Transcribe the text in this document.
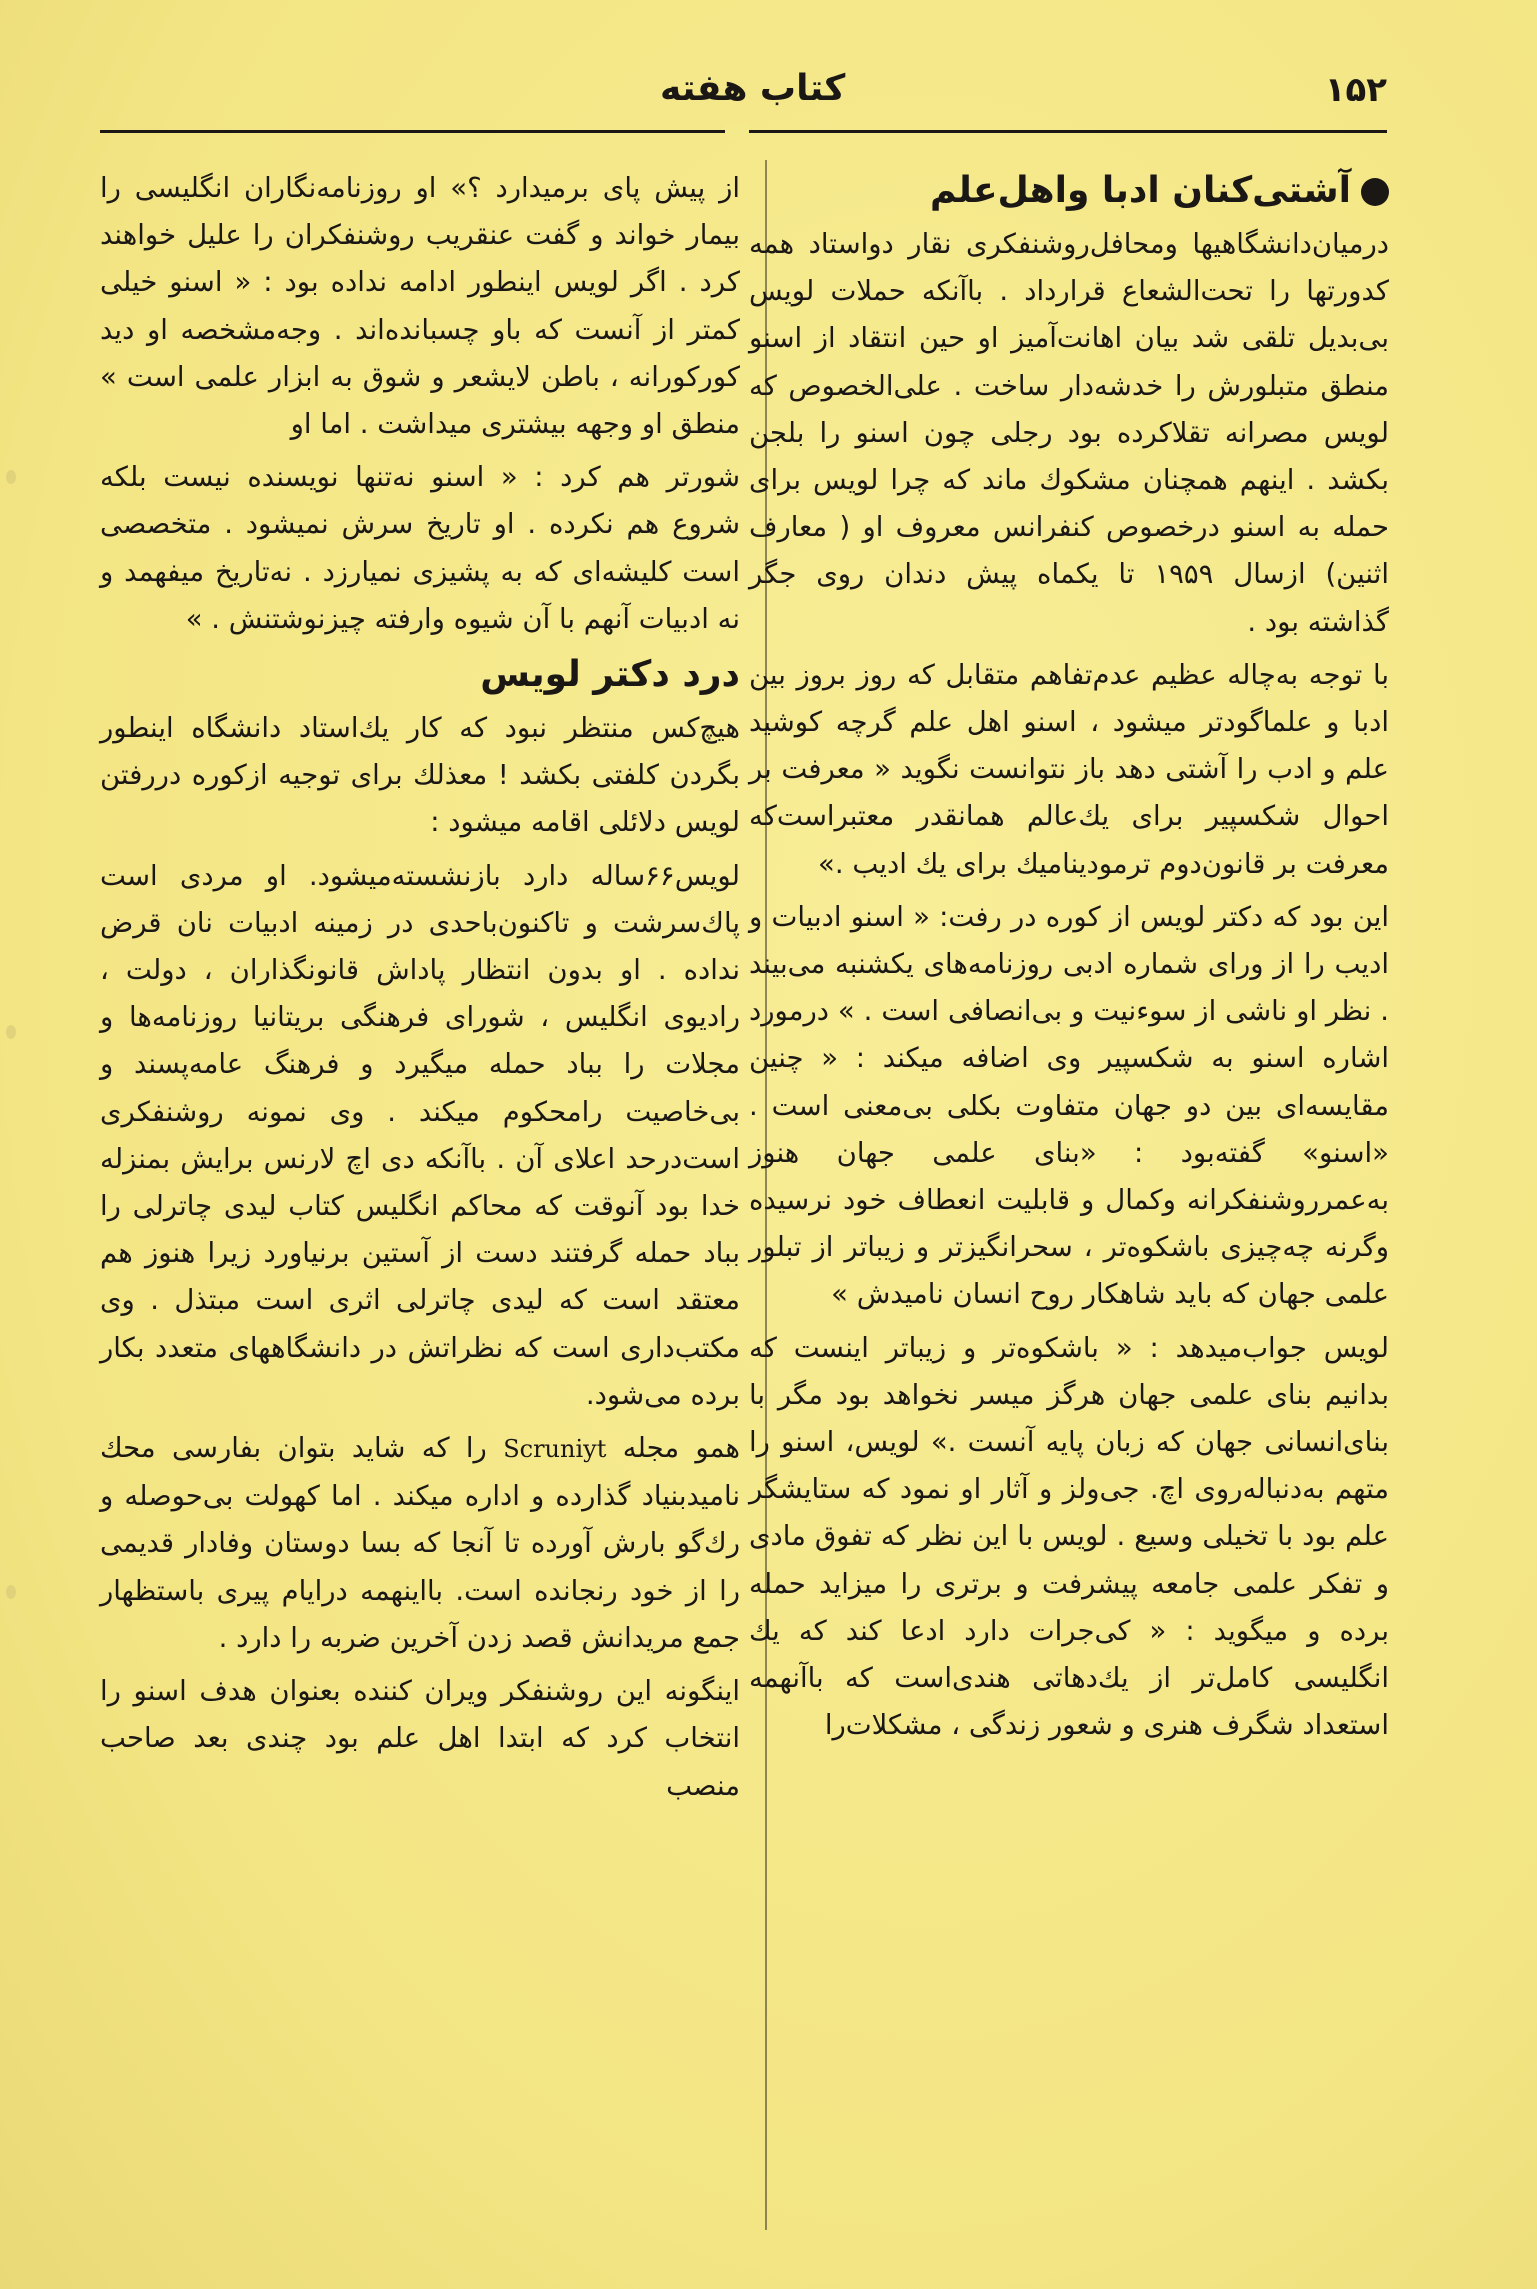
۱۵۲
کتاب هفته
آشتی‌کنان ادبا واهل‌علم

درمیان‌دانشگاهیها ومحافل‌روشنفکری نقار دواستاد همه کدورتها را تحت‌الشعاع قرارداد . باآنکه حملات لویس بی‌بدیل تلقی شد بیان اهانت‌آمیز او حین انتقاد از اسنو منطق متبلورش را خدشه‌دار ساخت . علی‌الخصوص که لویس مصرانه تقلاکرده بود رجلی چون اسنو را بلجن بکشد . اینهم همچنان مشکوك ماند که چرا لویس برای حمله به اسنو درخصوص کنفرانس معروف او ( معارف اثنین) ازسال ۱۹۵۹ تا یکماه پیش دندان روی جگر گذاشته بود .

با توجه به‌چاله عظیم عدم‌تفاهم متقابل که روز بروز بین ادبا و علماگودتر میشود ، اسنو اهل علم گرچه کوشید علم و ادب را آشتی دهد باز نتوانست نگوید « معرفت بر احوال شکسپیر برای یك‌عالم همانقدر معتبراست‌که معرفت بر قانون‌دوم ترمودینامیك برای یك ادیب .»

این بود که دکتر لویس از کوره در رفت: « اسنو ادبیات و ادیب را از ورای شماره ادبی روزنامه‌های یکشنبه می‌بیند . نظر او ناشی از سوءنیت و بی‌انصافی است . » درمورد اشاره اسنو به شکسپیر وی اضافه میکند : « چنین مقایسه‌ای بین دو جهان متفاوت بکلی بی‌معنی است . «اسنو» گفته‌بود : «بنای علمی جهان هنوز به‌عمرروشنفکرانه وکمال و قابلیت انعطاف خود نرسیده وگرنه چه‌چیزی باشکوه‌تر ، سحرانگیزتر و زیباتر از تبلور علمی جهان که باید شاهکار روح انسان نامیدش »

لویس جواب‌میدهد : « باشکوه‌تر و زیباتر اینست که بدانیم بنای علمی جهان هرگز میسر نخواهد بود مگر با بنای‌انسانی جهان که زبان پایه آنست .» لویس، اسنو را متهم به‌دنباله‌روی اچ. جی‌ولز و آثار او نمود که ستایشگر علم بود با تخیلی وسیع . لویس با این نظر که تفوق مادی و تفکر علمی جامعه پیشرفت و برتری را میزاید حمله برده و میگوید : « کی‌جرات دارد ادعا کند که یك انگلیسی کامل‌تر از یك‌دهاتی هندی‌است که باآنهمه استعداد شگرف هنری و شعور زندگی ، مشکلات‌را

از پیش پای برمیدارد ؟» او روزنامه‌نگاران انگلیسی را بیمار خواند و گفت عنقریب روشنفکران را علیل خواهند کرد . اگر لویس اینطور ادامه نداده بود : « اسنو خیلی کمتر از آنست که باو چسبانده‌اند . وجه‌مشخصه او دید کورکورانه ، باطن لایشعر و شوق به ابزار علمی است » منطق او وجهه بیشتری میداشت . اما او

شورتر هم کرد : « اسنو نه‌تنها نویسنده نیست بلکه شروع هم نکرده . او تاریخ سرش نمیشود . متخصصی است کلیشه‌ای که به پشیزی نمیارزد . نه‌تاریخ میفهمد و نه ادبیات آنهم با آن شیوه وارفته چیزنوشتنش . »

درد دکتر لویس

هیچ‌کس منتظر نبود که کار یك‌استاد دانشگاه اینطور بگردن کلفتی بکشد ! معذلك برای توجیه ازکوره دررفتن لویس دلائلی اقامه میشود :

لویس۶۶ساله دارد بازنشسته‌میشود. او مردی است پاك‌سرشت و تاکنون‌باحدی در زمینه ادبیات نان قرض نداده . او بدون انتظار پاداش قانونگذاران ، دولت ، رادیوی انگلیس ، شورای فرهنگی بریتانیا روزنامه‌ها و مجلات را بباد حمله میگیرد و فرهنگ عامه‌پسند و بی‌خاصیت رامحکوم میکند . وی نمونه روشنفکری است‌درحد اعلای آن . باآنکه دی اچ لارنس برایش بمنزله خدا بود آنوقت که محاکم انگلیس کتاب لیدی چاترلی را بباد حمله گرفتند دست از آستین برنیاورد زیرا هنوز هم معتقد است که لیدی چاترلی اثری است مبتذل . وی مکتب‌داری است که نظراتش در دانشگاههای متعدد بکار برده می‌شود.

همو مجله Scruniyt را که شاید بتوان بفارسی محك نامیدبنیاد گذارده و اداره میکند . اما کهولت بی‌حوصله و رك‌گو بارش آورده تا آنجا که بسا دوستان وفادار قدیمی را از خود رنجانده است. بااینهمه درایام پیری باستظهار جمع مریدانش قصد زدن آخرین ضربه را دارد .

اینگونه این روشنفکر ویران کننده بعنوان هدف اسنو را انتخاب کرد که ابتدا اهل علم بود چندی بعد صاحب منصب
